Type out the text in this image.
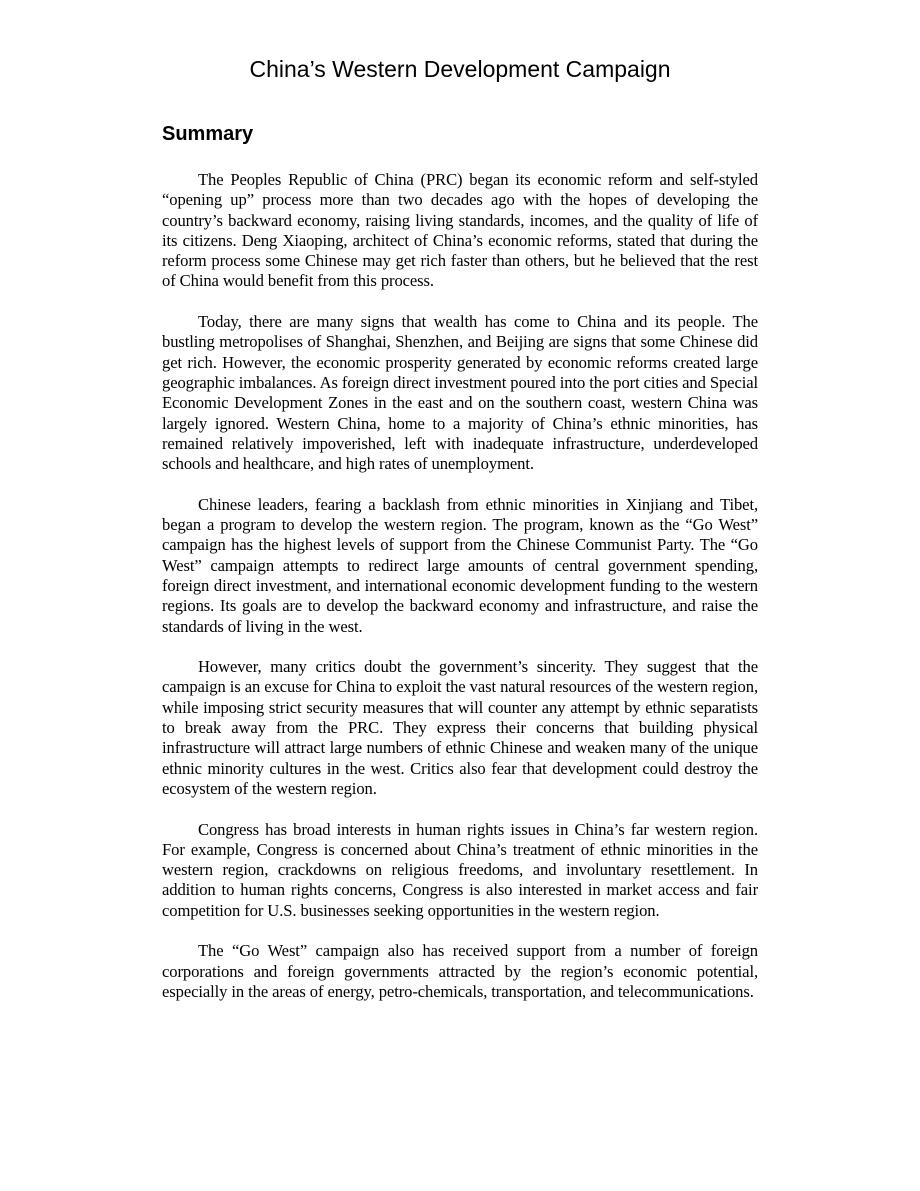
China’s Western Development Campaign
Summary

The Peoples Republic of China (PRC) began its economic reform and self-styled “opening up” process more than two decades ago with the hopes of developing the country’s backward economy, raising living standards, incomes, and the quality of life of its citizens. Deng Xiaoping, architect of China’s economic reforms, stated that during the reform process some Chinese may get rich faster than others, but he believed that the rest of China would benefit from this process.

Today, there are many signs that wealth has come to China and its people. The bustling metropolises of Shanghai, Shenzhen, and Beijing are signs that some Chinese did get rich. However, the economic prosperity generated by economic reforms created large geographic imbalances. As foreign direct investment poured into the port cities and Special Economic Development Zones in the east and on the southern coast, western China was largely ignored. Western China, home to a majority of China’s ethnic minorities, has remained relatively impoverished, left with inadequate infrastructure, underdeveloped schools and healthcare, and high rates of unemployment.

Chinese leaders, fearing a backlash from ethnic minorities in Xinjiang and Tibet, began a program to develop the western region. The program, known as the “Go West” campaign has the highest levels of support from the Chinese Communist Party. The “Go West” campaign attempts to redirect large amounts of central government spending, foreign direct investment, and international economic development funding to the western regions. Its goals are to develop the backward economy and infrastructure, and raise the standards of living in the west.

However, many critics doubt the government’s sincerity. They suggest that the campaign is an excuse for China to exploit the vast natural resources of the western region, while imposing strict security measures that will counter any attempt by ethnic separatists to break away from the PRC. They express their concerns that building physical infrastructure will attract large numbers of ethnic Chinese and weaken many of the unique ethnic minority cultures in the west. Critics also fear that development could destroy the ecosystem of the western region.

Congress has broad interests in human rights issues in China’s far western region. For example, Congress is concerned about China’s treatment of ethnic minorities in the western region, crackdowns on religious freedoms, and involuntary resettlement. In addition to human rights concerns, Congress is also interested in market access and fair competition for U.S. businesses seeking opportunities in the western region.

The “Go West” campaign also has received support from a number of foreign corporations and foreign governments attracted by the region’s economic potential, especially in the areas of energy, petro-chemicals, transportation, and telecommunications.
